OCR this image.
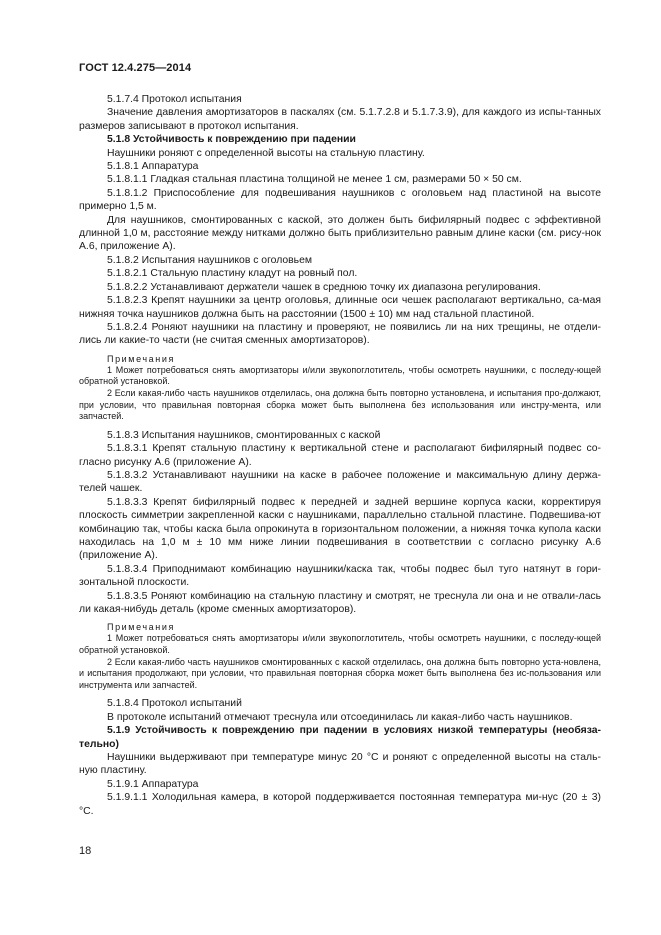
ГОСТ 12.4.275—2014

5.1.7.4 Протокол испытания

Значение давления амортизаторов в паскалях (см. 5.1.7.2.8 и 5.1.7.3.9), для каждого из испы-танных размеров записывают в протокол испытания.

5.1.8 Устойчивость к повреждению при падении

Наушники роняют с определенной высоты на стальную пластину.

5.1.8.1 Аппаратура

5.1.8.1.1 Гладкая стальная пластина толщиной не менее 1 см, размерами 50 × 50 см.

5.1.8.1.2 Приспособление для подвешивания наушников с оголовьем над пластиной на высоте примерно 1,5 м.

Для наушников, смонтированных с каской, это должен быть бифилярный подвес с эффективной длинной 1,0 м, расстояние между нитками должно быть приблизительно равным длине каски (см. рису-нок А.6, приложение А).

5.1.8.2 Испытания наушников с оголовьем

5.1.8.2.1 Стальную пластину кладут на ровный пол.

5.1.8.2.2 Устанавливают держатели чашек в среднюю точку их диапазона регулирования.

5.1.8.2.3 Крепят наушники за центр оголовья, длинные оси чешек располагают вертикально, са-мая нижняя точка наушников должна быть на расстоянии (1500 ± 10) мм над стальной пластиной.

5.1.8.2.4 Роняют наушники на пластину и проверяют, не появились ли на них трещины, не отдели-лись ли какие-то части (не считая сменных амортизаторов).

Примечания

1 Может потребоваться снять амортизаторы и/или звукопоглотитель, чтобы осмотреть наушники, с последу-ющей обратной установкой.

2 Если какая-либо часть наушников отделилась, она должна быть повторно установлена, и испытания про-должают, при условии, что правильная повторная сборка может быть выполнена без использования или инстру-мента, или запчастей.

5.1.8.3 Испытания наушников, смонтированных с каской

5.1.8.3.1 Крепят стальную пластину к вертикальной стене и располагают бифилярный подвес со-гласно рисунку А.6 (приложение А).

5.1.8.3.2 Устанавливают наушники на каске в рабочее положение и максимальную длину держа-телей чашек.

5.1.8.3.3 Крепят бифилярный подвес к передней и задней вершине корпуса каски, корректируя плоскость симметрии закрепленной каски с наушниками, параллельно стальной пластине. Подвешива-ют комбинацию так, чтобы каска была опрокинута в горизонтальном положении, а нижняя точка купола каски находилась на 1,0 м ± 10 мм ниже линии подвешивания в соответствии с согласно рисунку А.6 (приложение А).

5.1.8.3.4 Приподнимают комбинацию наушники/каска так, чтобы подвес был туго натянут в гори-зонтальной плоскости.

5.1.8.3.5 Роняют комбинацию на стальную пластину и смотрят, не треснула ли она и не отвали-лась ли какая-нибудь деталь (кроме сменных амортизаторов).

Примечания

1 Может потребоваться снять амортизаторы и/или звукопоглотитель, чтобы осмотреть наушники, с последу-ющей обратной установкой.

2 Если какая-либо часть наушников смонтированных с каской отделилась, она должна быть повторно уста-новлена, и испытания продолжают, при условии, что правильная повторная сборка может быть выполнена без ис-пользования или инструмента или запчастей.

5.1.8.4 Протокол испытаний

В протоколе испытаний отмечают треснула или отсоединилась ли какая-либо часть наушников.

5.1.9 Устойчивость к повреждению при падении в условиях низкой температуры (необяза-тельно)

Наушники выдерживают при температуре минус 20 °С и роняют с определенной высоты на сталь-ную пластину.

5.1.9.1 Аппаратура

5.1.9.1.1 Холодильная камера, в которой поддерживается постоянная температура ми-нус (20 ± 3) °С.

18
